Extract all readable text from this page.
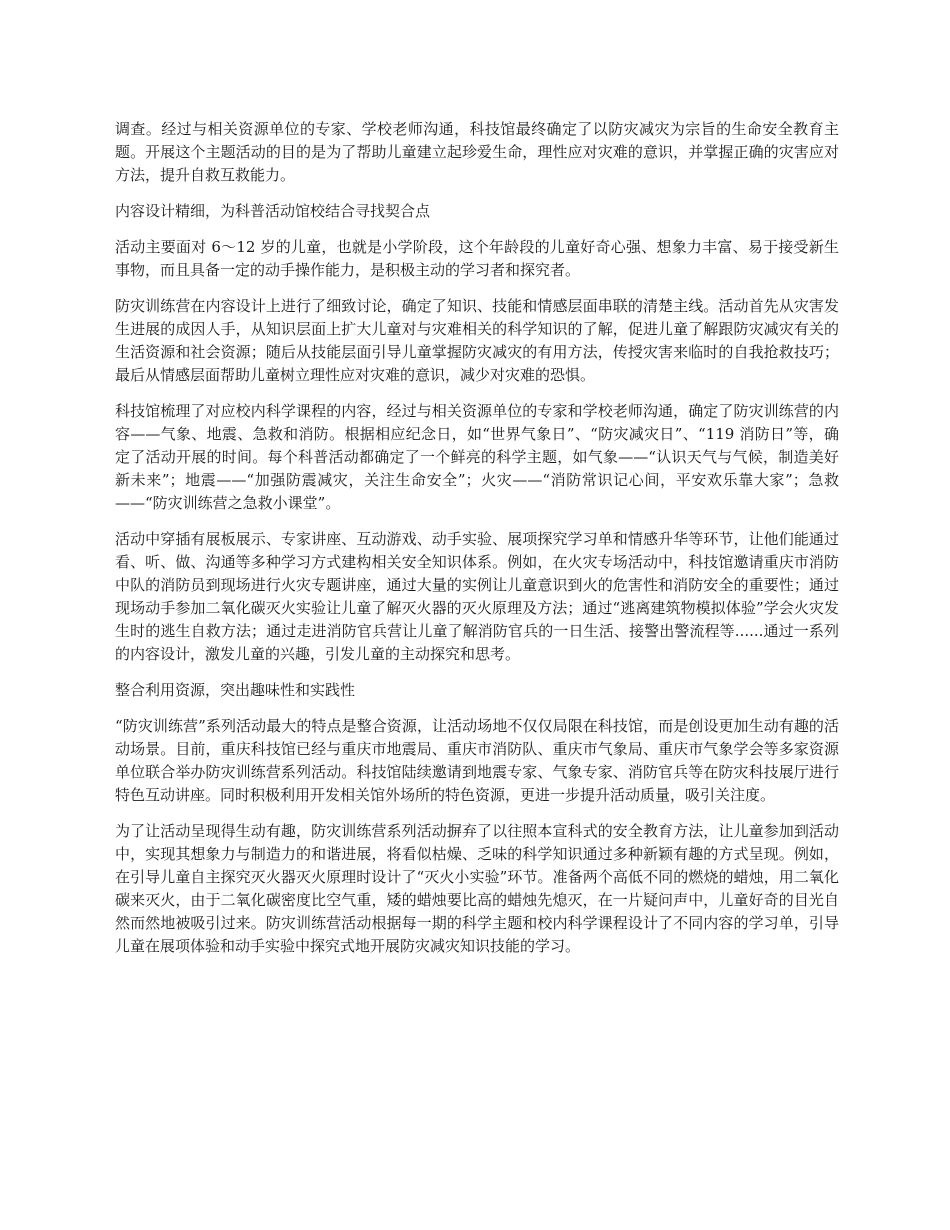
调查。经过与相关资源单位的专家、学校老师沟通，科技馆最终确定了以防灾减灾为宗旨的生命安全教育主题。开展这个主题活动的目的是为了帮助儿童建立起珍爱生命，理性应对灾难的意识，并掌握正确的灾害应对方法，提升自救互救能力。

内容设计精细，为科普活动馆校结合寻找契合点

活动主要面对 6～12 岁的儿童，也就是小学阶段，这个年龄段的儿童好奇心强、想象力丰富、易于接受新生事物，而且具备一定的动手操作能力，是积极主动的学习者和探究者。

防灾训练营在内容设计上进行了细致讨论，确定了知识、技能和情感层面串联的清楚主线。活动首先从灾害发生进展的成因人手，从知识层面上扩大儿童对与灾难相关的科学知识的了解，促进儿童了解跟防灾减灾有关的生活资源和社会资源；随后从技能层面引导儿童掌握防灾减灾的有用方法，传授灾害来临时的自我抢救技巧；最后从情感层面帮助儿童树立理性应对灾难的意识，减少对灾难的恐惧。

科技馆梳理了对应校内科学课程的内容，经过与相关资源单位的专家和学校老师沟通，确定了防灾训练营的内容——气象、地震、急救和消防。根据相应纪念日，如“世界气象日”、“防灾减灾日”、“119 消防日”等，确定了活动开展的时间。每个科普活动都确定了一个鲜亮的科学主题，如气象——“认识天气与气候，制造美好新未来”；地震——“加强防震减灾，关注生命安全”；火灾——“消防常识记心间，平安欢乐靠大家”；急救——“防灾训练营之急救小课堂”。

活动中穿插有展板展示、专家讲座、互动游戏、动手实验、展项探究学习单和情感升华等环节，让他们能通过看、听、做、沟通等多种学习方式建构相关安全知识体系。例如，在火灾专场活动中，科技馆邀请重庆市消防中队的消防员到现场进行火灾专题讲座，通过大量的实例让儿童意识到火的危害性和消防安全的重要性；通过现场动手参加二氧化碳灭火实验让儿童了解灭火器的灭火原理及方法；通过“逃离建筑物模拟体验”学会火灾发生时的逃生自救方法；通过走进消防官兵营让儿童了解消防官兵的一日生活、接警出警流程等......通过一系列的内容设计，激发儿童的兴趣，引发儿童的主动探究和思考。

整合利用资源，突出趣味性和实践性

“防灾训练营”系列活动最大的特点是整合资源，让活动场地不仅仅局限在科技馆，而是创设更加生动有趣的活动场景。目前，重庆科技馆已经与重庆市地震局、重庆市消防队、重庆市气象局、重庆市气象学会等多家资源单位联合举办防灾训练营系列活动。科技馆陆续邀请到地震专家、气象专家、消防官兵等在防灾科技展厅进行特色互动讲座。同时积极利用开发相关馆外场所的特色资源，更进一步提升活动质量，吸引关注度。

为了让活动呈现得生动有趣，防灾训练营系列活动摒弃了以往照本宣科式的安全教育方法，让儿童参加到活动中，实现其想象力与制造力的和谐进展，将看似枯燥、乏味的科学知识通过多种新颖有趣的方式呈现。例如，在引导儿童自主探究灭火器灭火原理时设计了“灭火小实验”环节。准备两个高低不同的燃烧的蜡烛，用二氧化碳来灭火，由于二氧化碳密度比空气重，矮的蜡烛要比高的蜡烛先熄灭，在一片疑问声中，儿童好奇的目光自然而然地被吸引过来。防灾训练营活动根据每一期的科学主题和校内科学课程设计了不同内容的学习单，引导儿童在展项体验和动手实验中探究式地开展防灾减灾知识技能的学习。
